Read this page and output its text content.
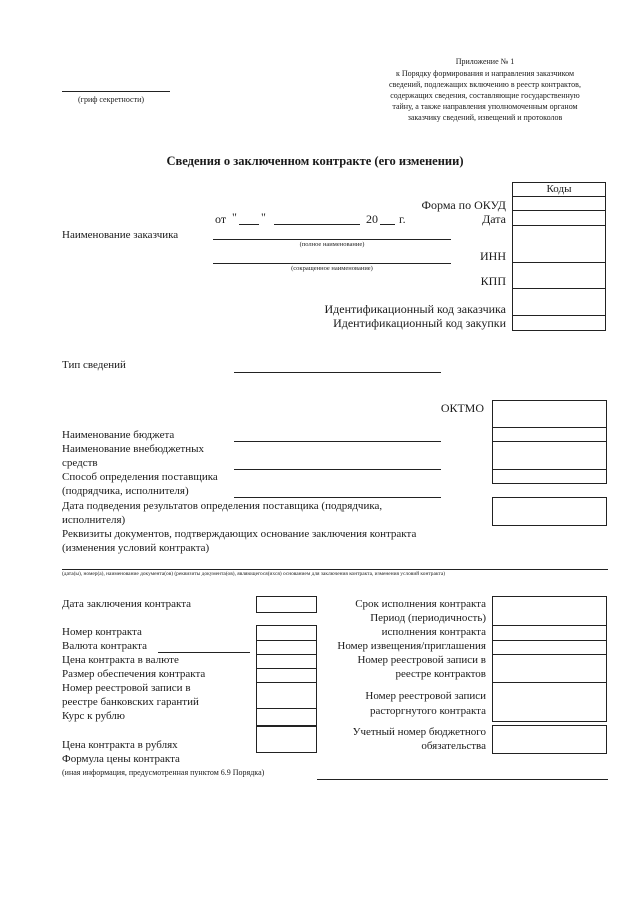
Приложение № 1
к Порядку формирования и направления заказчиком
сведений, подлежащих включению в реестр контрактов,
содержащих сведения, составляющие государственную
тайну, а также направления уполномоченным органом
заказчику сведений, извещений и протоколов
(гриф секретности)
Сведения о заключенном контракте (его изменении)
Коды
Форма по ОКУД
от " "	20 г.	Дата
Наименование заказчика
(полное наименование)
(сокращенное наименование)
ИНН
КПП
Идентификационный код заказчика
Идентификационный код закупки
Тип сведений
ОКТМО
Наименование бюджета
Наименование внебюджетных
средств
Способ определения поставщика
(подрядчика, исполнителя)
Дата подведения результатов определения поставщика (подрядчика,
исполнителя)
Реквизиты документов, подтверждающих основание заключения контракта
(изменения условий контракта)
(дата(ы), номер(а), наименование документа(ов) (реквизиты документа(ов), являющегося(ихся) основанием для заключения контракта, изменения условий контракта)
Дата заключения контракта
Номер контракта
Валюта контракта
Цена контракта в валюте
Размер обеспечения контракта
Номер реестровой записи в
реестре банковских гарантий
Курс к рублю
Цена контракта в рублях
Формула цены контракта
(иная информация, предусмотренная пунктом 6.9 Порядка)
Срок исполнения контракта
Период (периодичность)
исполнения контракта
Номер извещения/приглашения
Номер реестровой записи в
реестре контрактов
Номер реестровой записи
расторгнутого контракта
Учетный номер бюджетного
обязательства
